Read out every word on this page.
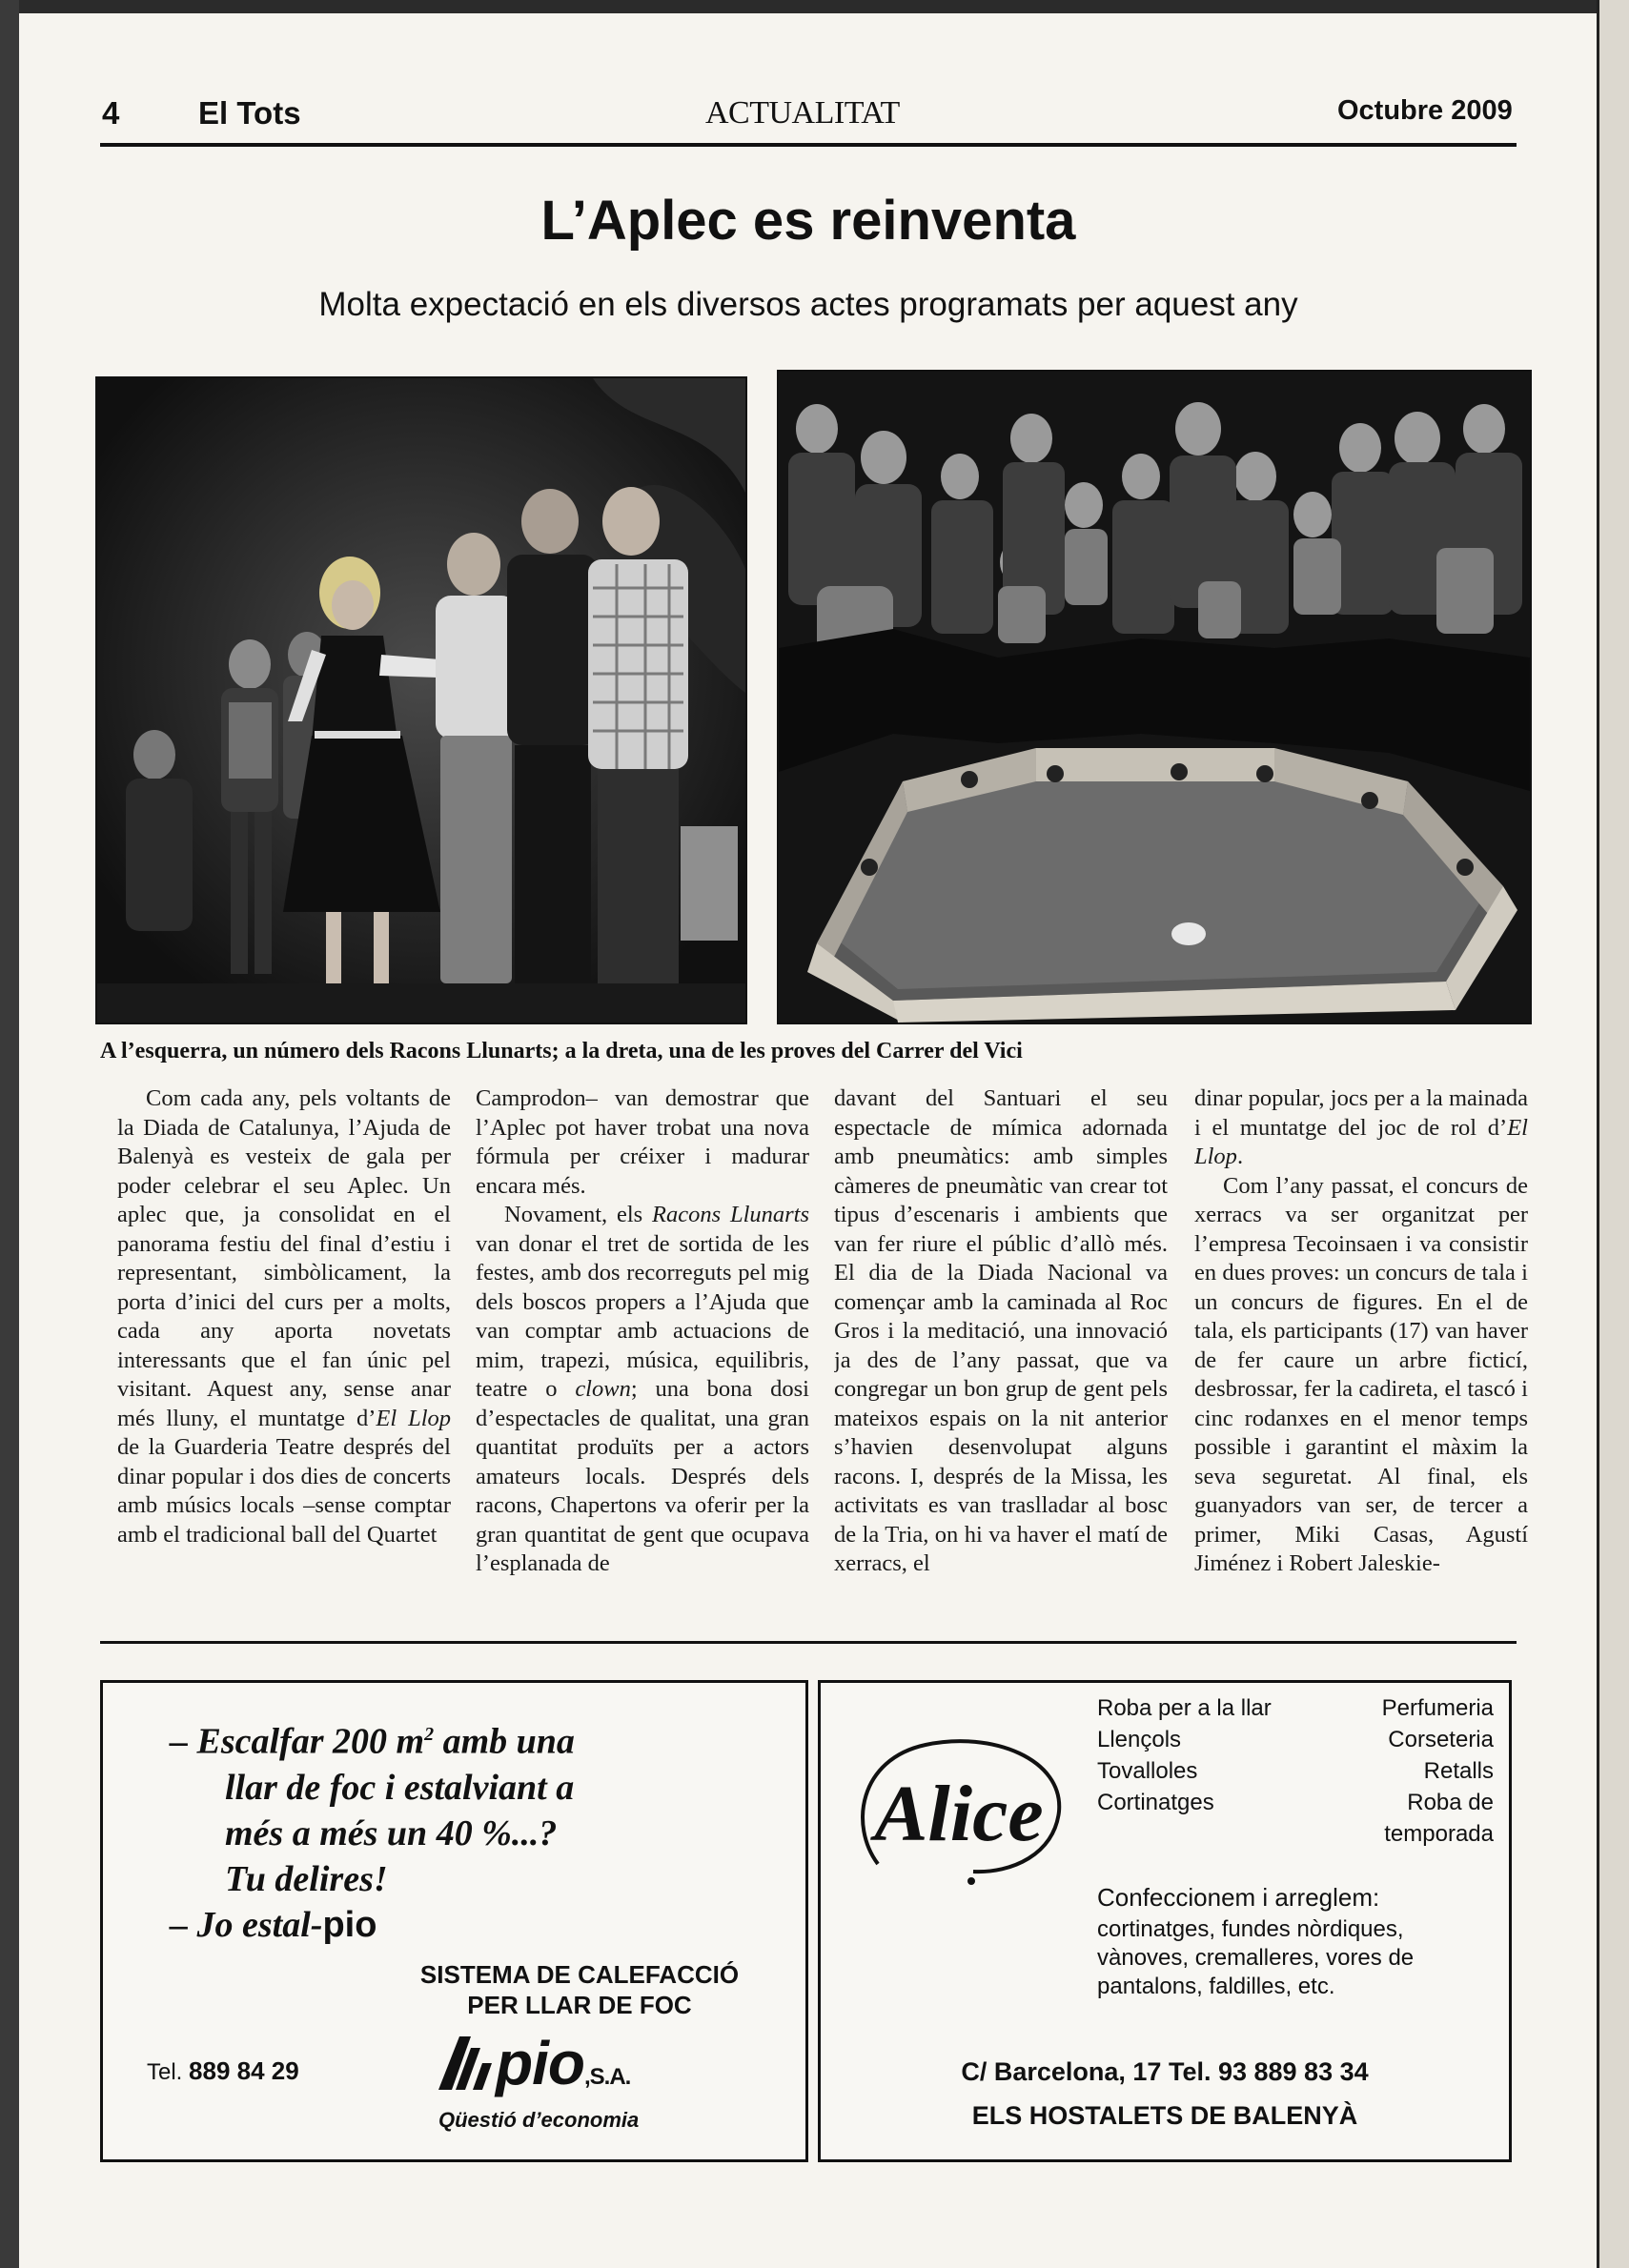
4	El Tots	ACTUALITAT	Octubre 2009
L’Aplec es reinventa
Molta expectació en els diversos actes programats per aquest any
A l’esquerra, un número dels Racons Llunarts; a la dreta, una de les proves del Carrer del Vici

Com cada any, pels voltants de la Diada de Catalunya, l’Ajuda de Balenyà es vesteix de gala per poder celebrar el seu Aplec. Un aplec que, ja consolidat en el panorama festiu del final d’estiu i representant, simbòlicament, la porta d’inici del curs per a molts, cada any aporta novetats interessants que el fan únic pel visitant. Aquest any, sense anar més lluny, el muntatge d’El Llop de la Guarderia Teatre després del dinar popular i dos dies de concerts amb músics locals –sense comptar amb el tradicional ball del Quartet

Camprodon– van demostrar que l’Aplec pot haver trobat una nova fórmula per créixer i madurar encara més.

Novament, els Racons Llunarts van donar el tret de sortida de les festes, amb dos recorreguts pel mig dels boscos propers a l’Ajuda que van comptar amb actuacions de mim, trapezi, música, equilibris, teatre o clown; una bona dosi d’espectacles de qualitat, una gran quantitat produïts per a actors amateurs locals. Després dels racons, Chapertons va oferir per la gran quantitat de gent que ocupava l’esplanada de

davant del Santuari el seu espectacle de mímica adornada amb pneumàtics: amb simples càmeres de pneumàtic van crear tot tipus d’escenaris i ambients que van fer riure el públic d’allò més. El dia de la Diada Nacional va començar amb la caminada al Roc Gros i la meditació, una innovació ja des de l’any passat, que va congregar un bon grup de gent pels mateixos espais on la nit anterior s’havien desenvolupat alguns racons. I, després de la Missa, les activitats es van traslladar al bosc de la Tria, on hi va haver el matí de xerracs, el

dinar popular, jocs per a la mainada i el muntatge del joc de rol d’El Llop.

Com l’any passat, el concurs de xerracs va ser organitzat per l’empresa Tecoinsaen i va consistir en dues proves: un concurs de tala i un concurs de figures. En el de tala, els participants (17) van haver de fer caure un arbre ficticí, desbrossar, fer la cadireta, el tascó i cinc rodanxes en el menor temps possible i garantint el màxim la seva seguretat. Al final, els guanyadors van ser, de tercer a primer, Miki Casas, Agustí Jiménez i Robert Jaleskie-

– Escalfar 200 $m^2$ amb una
llar de foc i estalviant a
més a més un 40 %...?
Tu delires!
– Jo estal-pio
SISTEMA DE CALEFACCIÓ
PER LLAR DE FOC
Tel. 889 84 29	pio,S.A.
Qüestió d’economia
Alice
Roba per a la llar
Llençols
Tovalloles
Cortinatges
Perfumeria
Corseteria
Retalls
Roba de
temporada
Confeccionem i arreglem:
cortinatges, fundes nòrdiques, vànoves, cremalleres, vores de pantalons, faldilles, etc.
C/ Barcelona, 17 Tel. 93 889 83 34
ELS HOSTALETS DE BALENYÀ
